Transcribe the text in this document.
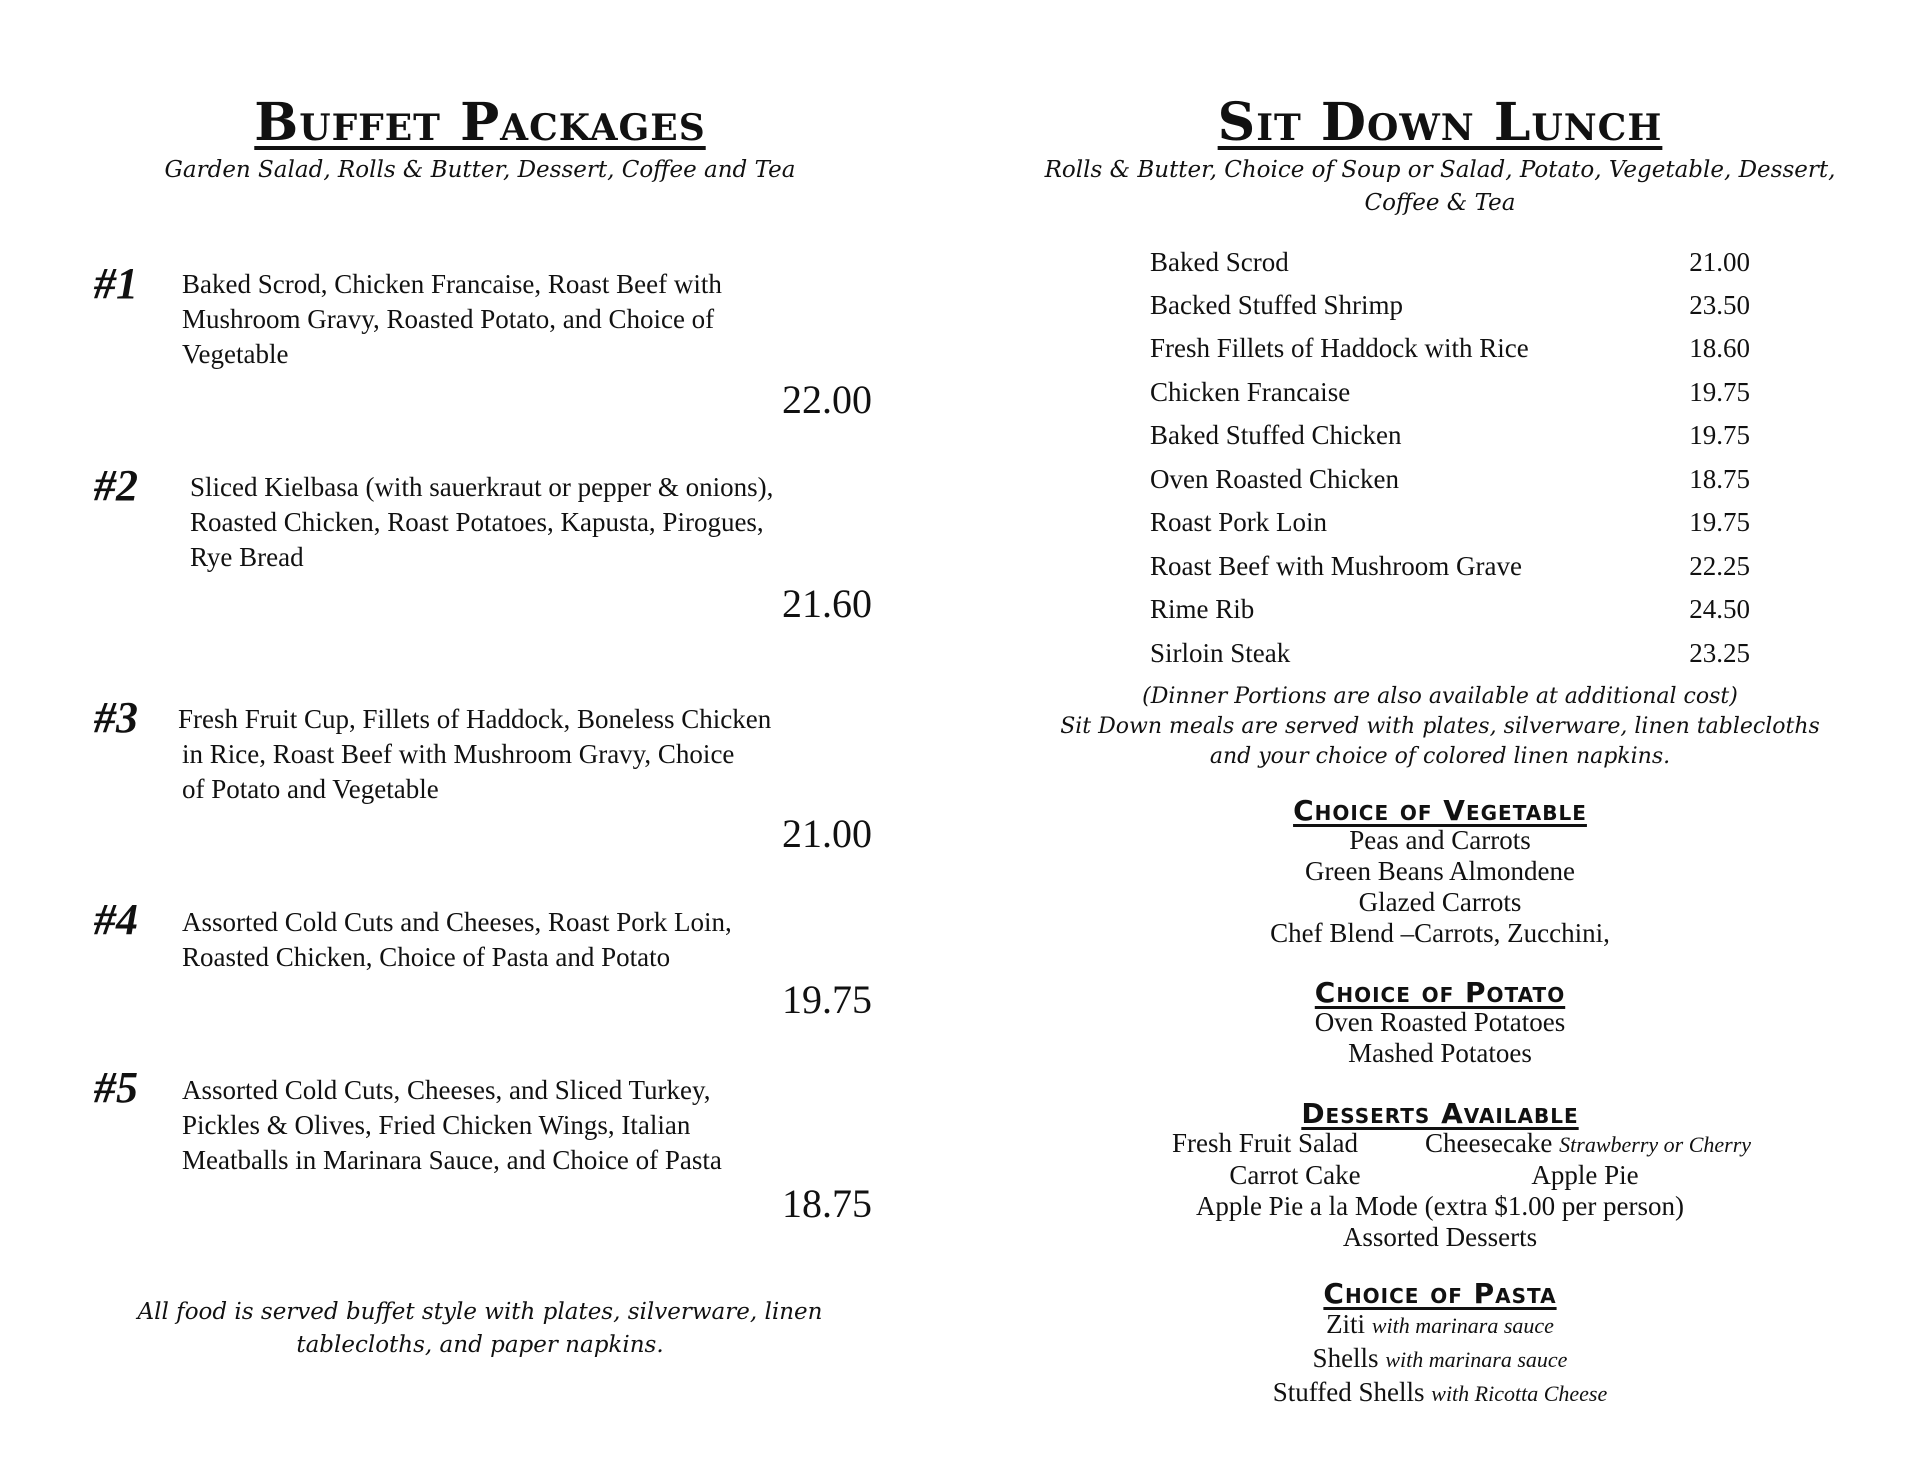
Buffet Packages
Garden Salad, Rolls & Butter, Dessert, Coffee and Tea
#1 Baked Scrod, Chicken Francaise, Roast Beef with
Mushroom Gravy, Roasted Potato, and Choice of
Vegetable
22.00
#2 Sliced Kielbasa (with sauerkraut or pepper & onions),
Roasted Chicken, Roast Potatoes, Kapusta, Pirogues,
Rye Bread
21.60
#3 Fresh Fruit Cup, Fillets of Haddock, Boneless Chicken
in Rice, Roast Beef with Mushroom Gravy, Choice
of Potato and Vegetable
21.00
#4 Assorted Cold Cuts and Cheeses, Roast Pork Loin,
Roasted Chicken, Choice of Pasta and Potato
19.75
#5 Assorted Cold Cuts, Cheeses, and Sliced Turkey,
Pickles & Olives, Fried Chicken Wings, Italian
Meatballs in Marinara Sauce, and Choice of Pasta
18.75
All food is served buffet style with plates, silverware, linen
tablecloths, and paper napkins.
Sit Down Lunch
Rolls & Butter, Choice of Soup or Salad, Potato, Vegetable, Dessert,
Coffee & Tea
Baked Scrod	21.00
Backed Stuffed Shrimp	23.50
Fresh Fillets of Haddock with Rice	18.60
Chicken Francaise	19.75
Baked Stuffed Chicken	19.75
Oven Roasted Chicken	18.75
Roast Pork Loin	19.75
Roast Beef with Mushroom Grave	22.25
Rime Rib	24.50
Sirloin Steak	23.25
(Dinner Portions are also available at additional cost)
Sit Down meals are served with plates, silverware, linen tablecloths
and your choice of colored linen napkins.
Choice of Vegetable
Peas and Carrots
Green Beans Almondene
Glazed Carrots
Chef Blend –Carrots, Zucchini,
Choice of Potato
Oven Roasted Potatoes
Mashed Potatoes
Desserts Available
Fresh Fruit Salad Cheesecake Strawberry or Cherry
Carrot Cake	Apple Pie
Apple Pie a la Mode (extra $1.00 per person)
Assorted Desserts
Choice of Pasta
Ziti with marinara sauce
Shells with marinara sauce
Stuffed Shells with Ricotta Cheese
